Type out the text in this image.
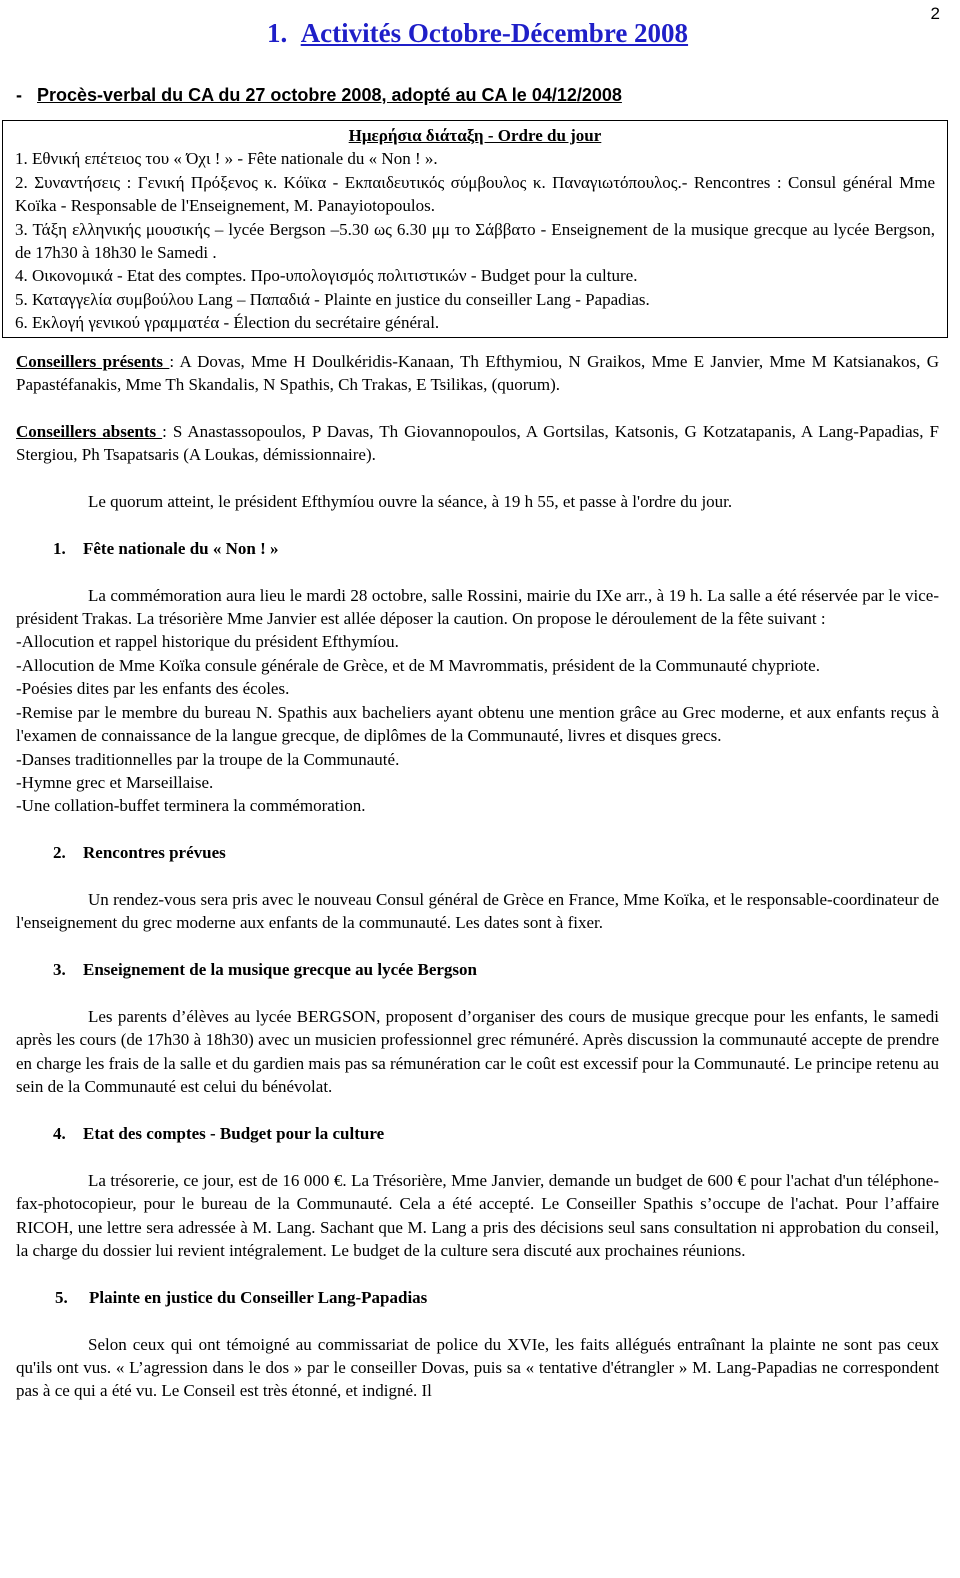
2
1. Activités Octobre-Décembre 2008
- Procès-verbal du CA du 27 octobre 2008, adopté au CA le 04/12/2008
Ημερήσια διάταξη - Ordre du jour
1. Εθνική επέτειος του « Όχι ! » - Fête nationale du « Non ! ».
2. Συναντήσεις : Γενική Πρόξενος κ. Κόϊκα - Εκπαιδευτικός σύμβουλος κ. Παναγιωτόπουλος.- Rencontres : Consul général Mme Koïka - Responsable de l'Enseignement, M. Panayiotopoulos.
3. Τάξη ελληνικής μουσικής – lycée Bergson –5.30 ως 6.30 μμ το Σάββατο - Enseignement de la musique grecque au lycée Bergson, de 17h30 à 18h30 le Samedi .
4. Οικονομικά - Etat des comptes. Προ-υπολογισμός πολιτιστικών - Budget pour la culture.
5. Καταγγελία συμβούλου Lang – Παπαδιά - Plainte en justice du conseiller Lang - Papadias.
6. Εκλογή γενικού γραμματέα - Élection du secrétaire général.

Conseillers présents : A Dovas, Mme H Doulkéridis-Kanaan, Th Efthymiou, N Graikos, Mme E Janvier, Mme M Katsianakos, G Papastéfanakis, Mme Th Skandalis, N Spathis, Ch Trakas, E Tsilikas, (quorum).

Conseillers absents : S Anastassopoulos, P Davas, Th Giovannopoulos, A Gortsilas, Katsonis, G Kotzatapanis, A Lang-Papadias, F Stergiou, Ph Tsapatsaris (A Loukas, démissionnaire).

Le quorum atteint, le président Efthymíou ouvre la séance, à 19 h 55, et passe à l'ordre du jour.

1. Fête nationale du « Non ! »

La commémoration aura lieu le mardi 28 octobre, salle Rossini, mairie du IXe arr., à 19 h. La salle a été réservée par le vice-président Trakas. La trésorière Mme Janvier est allée déposer la caution. On propose le déroulement de la fête suivant :

-Allocution et rappel historique du président Efthymíou.

-Allocution de Mme Koïka consule générale de Grèce, et de M Mavrommatis, président de la Communauté chypriote.

-Poésies dites par les enfants des écoles.

-Remise par le membre du bureau N. Spathis aux bacheliers ayant obtenu une mention grâce au Grec moderne, et aux enfants reçus à l'examen de connaissance de la langue grecque, de diplômes de la Communauté, livres et disques grecs.

-Danses traditionnelles par la troupe de la Communauté.

-Hymne grec et Marseillaise.

-Une collation-buffet terminera la commémoration.

2. Rencontres prévues

Un rendez-vous sera pris avec le nouveau Consul général de Grèce en France, Mme Koïka, et le responsable-coordinateur de l'enseignement du grec moderne aux enfants de la communauté. Les dates sont à fixer.

3. Enseignement de la musique grecque au lycée Bergson

Les parents d’élèves au lycée BERGSON, proposent d’organiser des cours de musique grecque pour les enfants, le samedi après les cours (de 17h30 à 18h30) avec un musicien professionnel grec rémunéré. Après discussion la communauté accepte de prendre en charge les frais de la salle et du gardien mais pas sa rémunération car le coût est excessif pour la Communauté. Le principe retenu au sein de la Communauté est celui du bénévolat.

4. Etat des comptes - Budget pour la culture

La trésorerie, ce jour, est de 16 000 €. La Trésorière, Mme Janvier, demande un budget de 600 € pour l'achat d'un téléphone-fax-photocopieur, pour le bureau de la Communauté. Cela a été accepté. Le Conseiller Spathis s’occupe de l'achat. Pour l’affaire RICOH, une lettre sera adressée à M. Lang. Sachant que M. Lang a pris des décisions seul sans consultation ni approbation du conseil, la charge du dossier lui revient intégralement. Le budget de la culture sera discuté aux prochaines réunions.

5. Plainte en justice du Conseiller Lang-Papadias

Selon ceux qui ont témoigné au commissariat de police du XVIe, les faits allégués entraînant la plainte ne sont pas ceux qu'ils ont vus. « L’agression dans le dos » par le conseiller Dovas, puis sa « tentative d'étrangler » M. Lang-Papadias ne correspondent pas à ce qui a été vu. Le Conseil est très étonné, et indigné. Il
